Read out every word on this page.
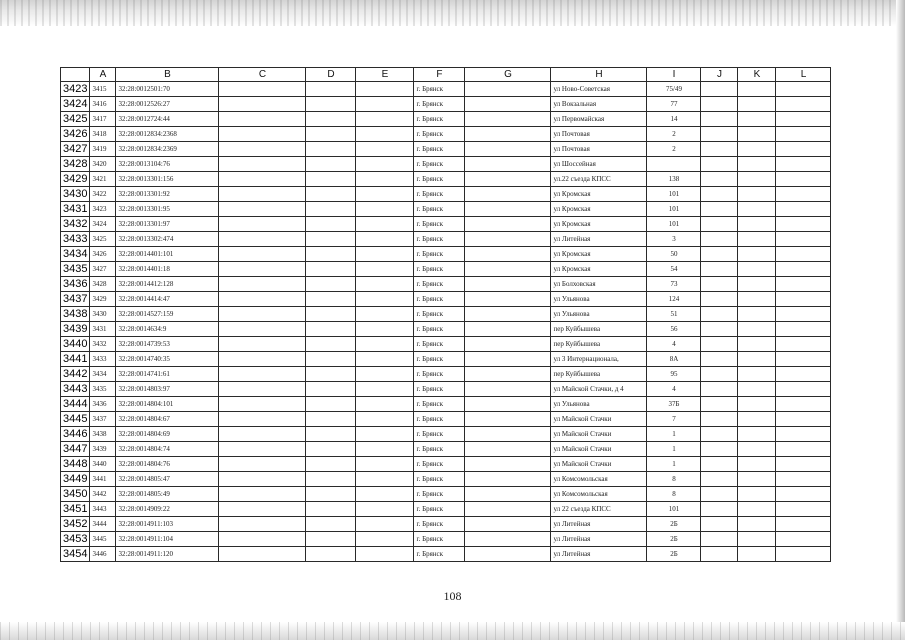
	A	B	C	D	E	F	G	H	I	J	K	L
3423	3415	32:28:0012501:70				г. Брянск		ул Ново-Советская	75/49			
3424	3416	32:28:0012526:27				г. Брянск		ул Вокзальная	77			
3425	3417	32:28:0012724:44				г. Брянск		ул Первомайская	14			
3426	3418	32:28:0012834:2368				г. Брянск		ул Почтовая	2			
3427	3419	32:28:0012834:2369				г. Брянск		ул Почтовая	2			
3428	3420	32:28:0013104:76				г. Брянск		ул Шоссейная				
3429	3421	32:28:0013301:156				г. Брянск		ул.22 съезда КПСС	138			
3430	3422	32:28:0013301:92				г. Брянск		ул Кромская	101			
3431	3423	32:28:0013301:95				г. Брянск		ул Кромская	101			
3432	3424	32:28:0013301:97				г. Брянск		ул Кромская	101			
3433	3425	32:28:0013302:474				г. Брянск		ул Литейная	3			
3434	3426	32:28:0014401:101				г. Брянск		ул Кромская	50			
3435	3427	32:28:0014401:18				г. Брянск		ул Кромская	54			
3436	3428	32:28:0014412:128				г. Брянск		ул Болховская	73			
3437	3429	32:28:0014414:47				г. Брянск		ул Ульянова	124			
3438	3430	32:28:0014527:159				г. Брянск		ул Ульянова	51			
3439	3431	32:28:0014634:9				г. Брянск		пер Куйбышева	56			
3440	3432	32:28:0014739:53				г. Брянск		пер Куйбышева	4			
3441	3433	32:28:0014740:35				г. Брянск		ул 3 Интернационала,	8А			
3442	3434	32:28:0014741:61				г. Брянск		пер Куйбышева	95			
3443	3435	32:28:0014803:97				г. Брянск		ул Майской Стачки, д 4	4			
3444	3436	32:28:0014804:101				г. Брянск		ул Ульянова	37Б			
3445	3437	32:28:0014804:67				г. Брянск		ул Майской Стачки	7			
3446	3438	32:28:0014804:69				г. Брянск		ул Майской Стачки	1			
3447	3439	32:28:0014804:74				г. Брянск		ул Майской Стачки	1			
3448	3440	32:28:0014804:76				г. Брянск		ул Майской Стачки	1			
3449	3441	32:28:0014805:47				г. Брянск		ул Комсомольская	8			
3450	3442	32:28:0014805:49				г. Брянск		ул Комсомольская	8			
3451	3443	32:28:0014909:22				г. Брянск		ул 22 съезда КПСС	101			
3452	3444	32:28:0014911:103				г. Брянск		ул Литейная	2Б			
3453	3445	32:28:0014911:104				г. Брянск		ул Литейная	2Б			
3454	3446	32:28:0014911:120				г. Брянск		ул Литейная	2Б			
108
